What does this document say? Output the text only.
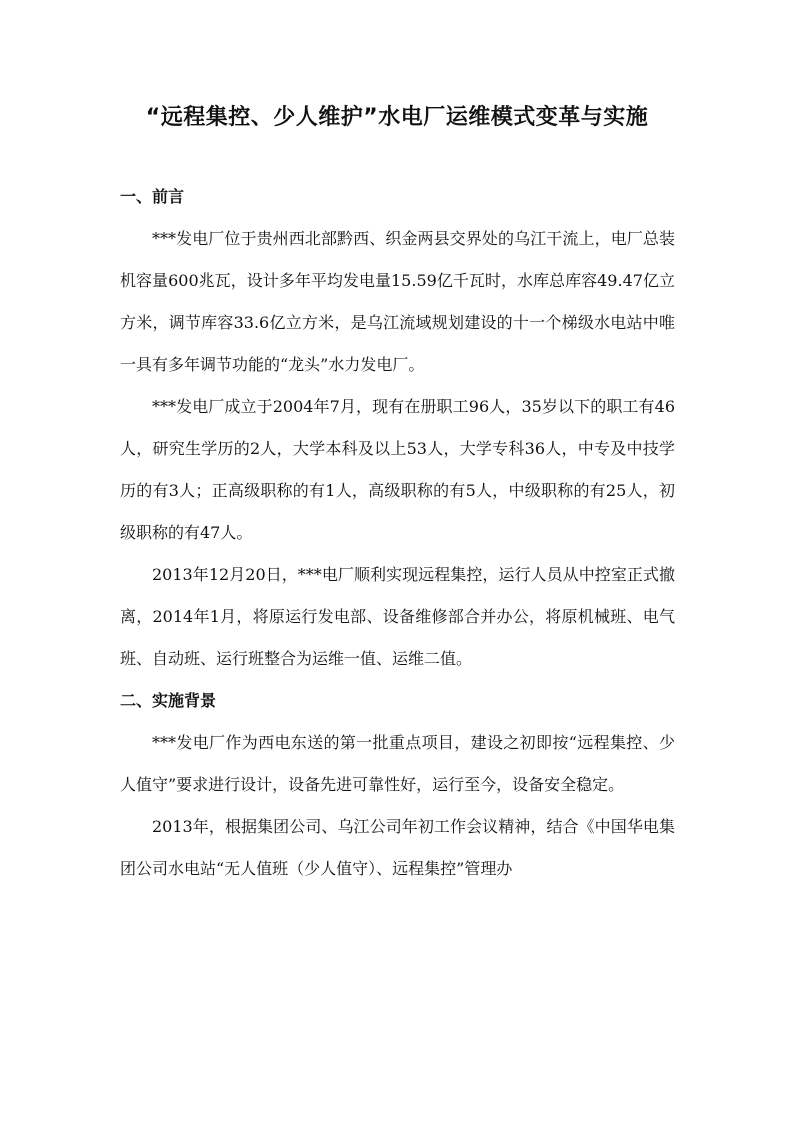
“远程集控、少人维护”水电厂运维模式变革与实施

一、前言

***发电厂位于贵州西北部黔西、织金两县交界处的乌江干流上，电厂总装机容量600兆瓦，设计多年平均发电量15.59亿千瓦时，水库总库容49.47亿立方米，调节库容33.6亿立方米，是乌江流域规划建设的十一个梯级水电站中唯一具有多年调节功能的“龙头”水力发电厂。

***发电厂成立于2004年7月，现有在册职工96人，35岁以下的职工有46人，研究生学历的2人，大学本科及以上53人，大学专科36人，中专及中技学历的有3人；正高级职称的有1人，高级职称的有5人，中级职称的有25人，初级职称的有47人。

2013年12月20日，***电厂顺利实现远程集控，运行人员从中控室正式撤离，2014年1月，将原运行发电部、设备维修部合并办公，将原机械班、电气班、自动班、运行班整合为运维一值、运维二值。

二、实施背景

***发电厂作为西电东送的第一批重点项目，建设之初即按“远程集控、少人值守”要求进行设计，设备先进可靠性好，运行至今，设备安全稳定。

2013年，根据集团公司、乌江公司年初工作会议精神，结合《中国华电集团公司水电站“无人值班（少人值守）、远程集控”管理办
